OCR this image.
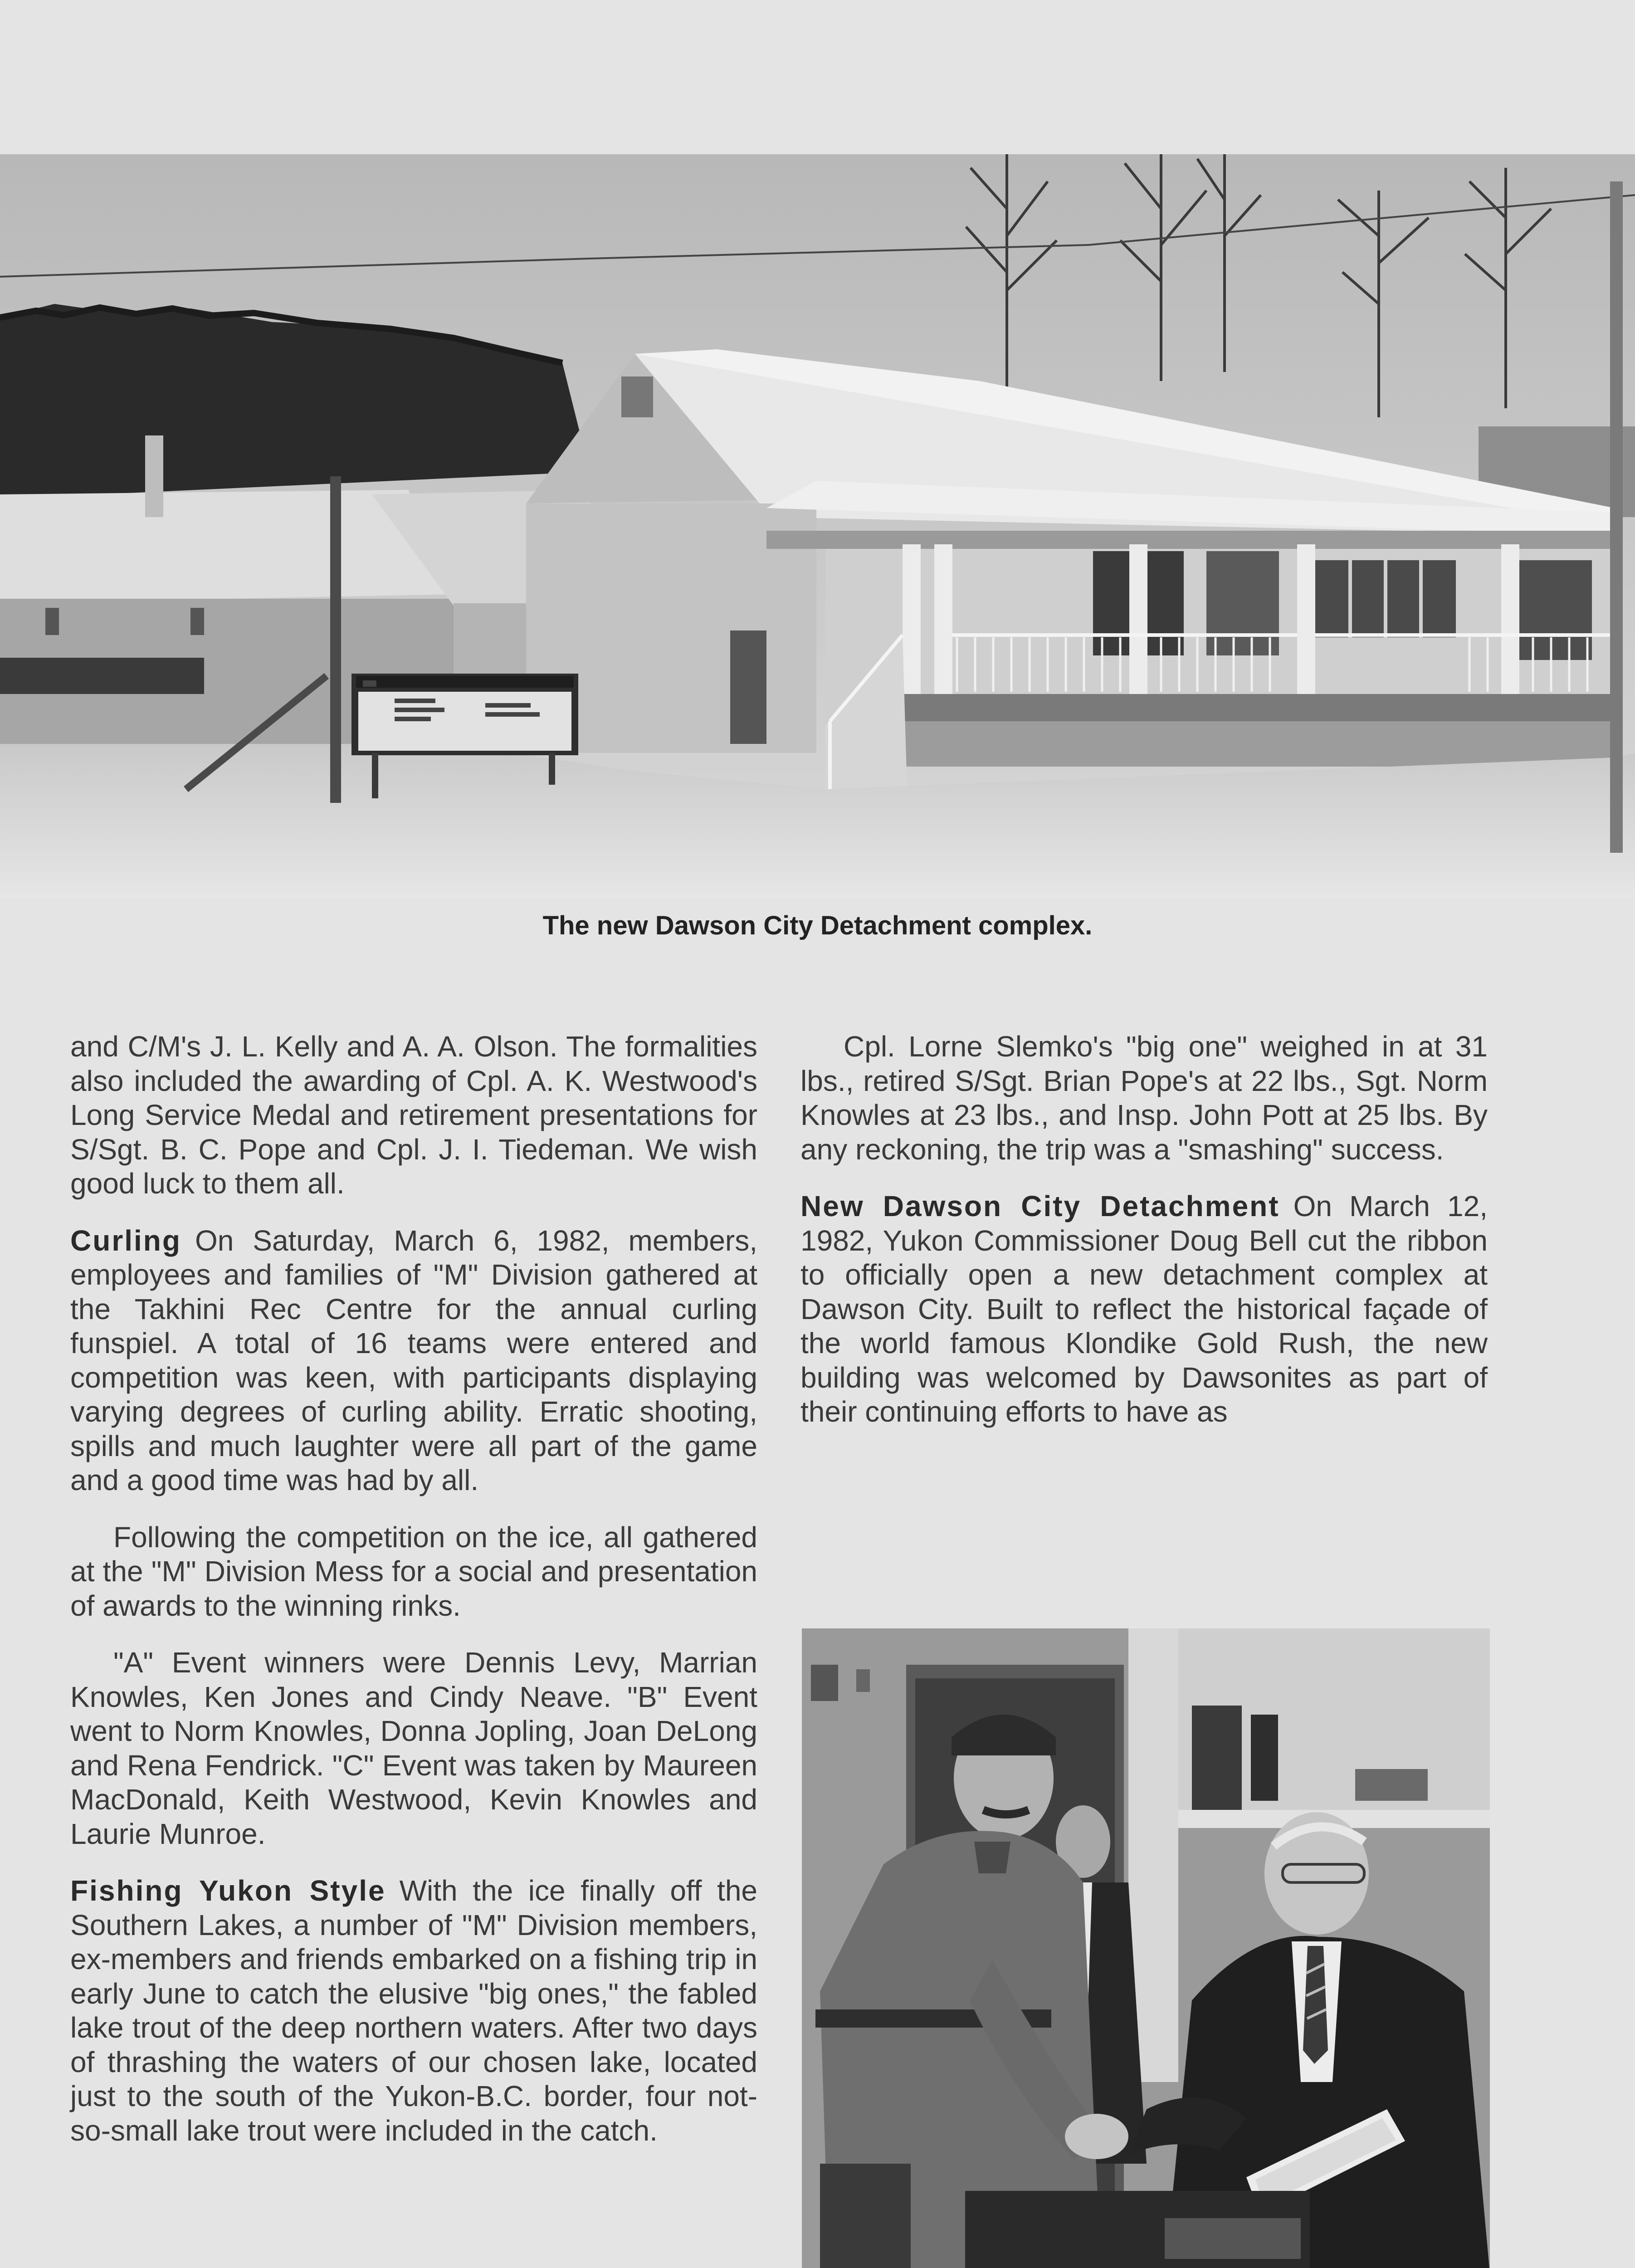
The new Dawson City Detachment complex.

and C/M's J. L. Kelly and A. A. Olson. The formalities also included the awarding of Cpl. A. K. Westwood's Long Service Medal and retirement presentations for S/Sgt. B. C. Pope and Cpl. J. I. Tiedeman. We wish good luck to them all.

Curling On Saturday, March 6, 1982, members, employees and families of "M" Division gathered at the Takhini Rec Centre for the annual curling funspiel. A total of 16 teams were entered and competition was keen, with participants displaying varying degrees of curling ability. Erratic shooting, spills and much laughter were all part of the game and a good time was had by all.

Following the competition on the ice, all gathered at the "M" Division Mess for a social and presentation of awards to the winning rinks.

"A" Event winners were Dennis Levy, Marrian Knowles, Ken Jones and Cindy Neave. "B" Event went to Norm Knowles, Donna Jopling, Joan DeLong and Rena Fendrick. "C" Event was taken by Maureen MacDonald, Keith Westwood, Kevin Knowles and Laurie Munroe.

Fishing Yukon Style With the ice finally off the Southern Lakes, a number of "M" Division members, ex-members and friends embarked on a fishing trip in early June to catch the elusive "big ones," the fabled lake trout of the deep northern waters. After two days of thrashing the waters of our chosen lake, located just to the south of the Yukon-B.C. border, four not-so-small lake trout were included in the catch.

Cpl. Lorne Slemko's "big one" weighed in at 31 lbs., retired S/Sgt. Brian Pope's at 22 lbs., Sgt. Norm Knowles at 23 lbs., and Insp. John Pott at 25 lbs. By any reckoning, the trip was a "smashing" success.

New Dawson City Detachment On March 12, 1982, Yukon Commissioner Doug Bell cut the ribbon to officially open a new detachment complex at Dawson City. Built to reflect the historical façade of the world famous Klondike Gold Rush, the new building was welcomed by Dawsonites as part of their continuing efforts to have as
